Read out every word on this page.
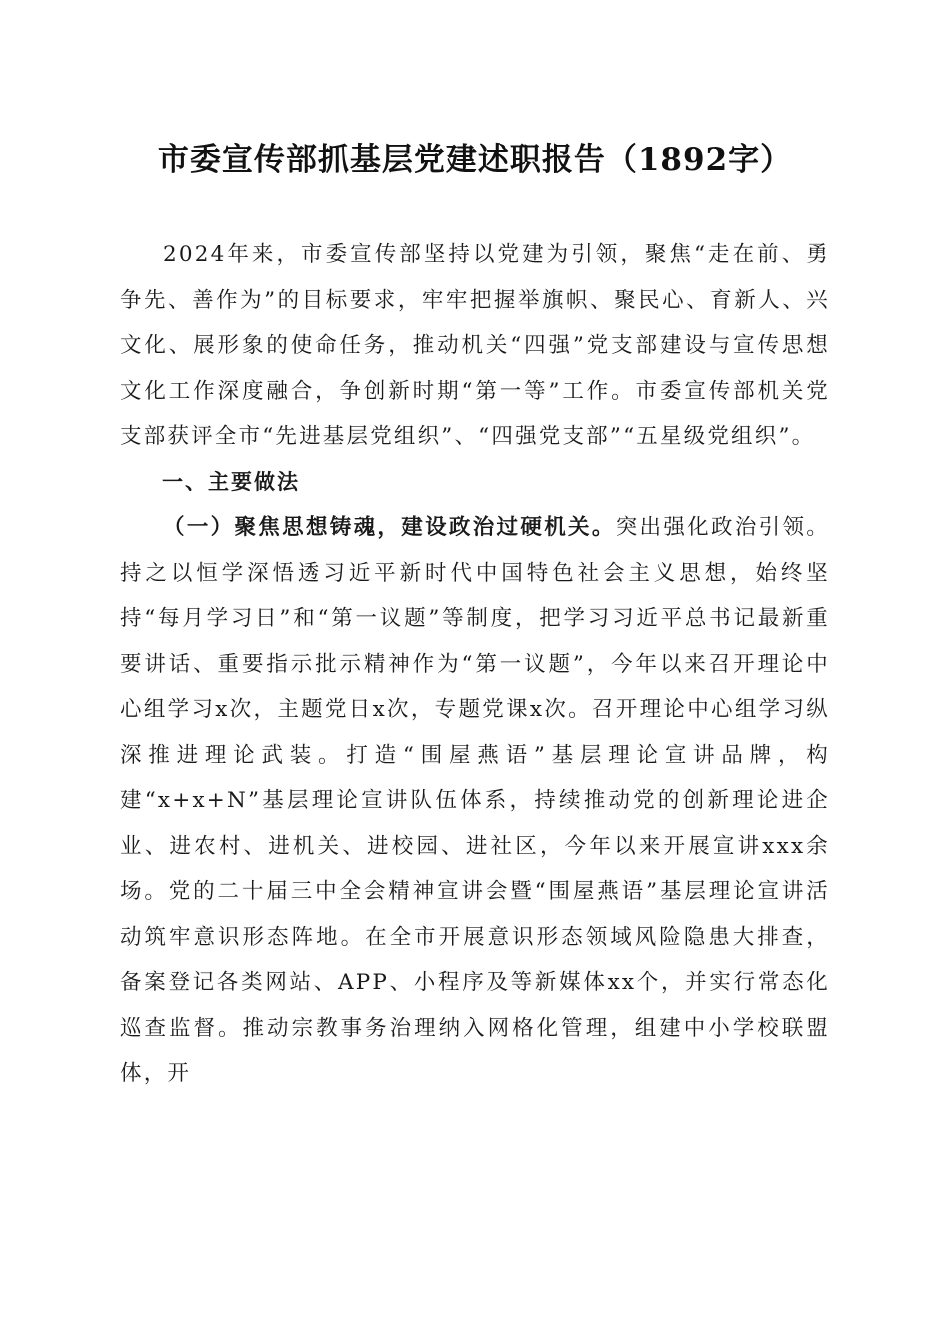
市委宣传部抓基层党建述职报告（1892字）

2024年来，市委宣传部坚持以党建为引领，聚焦“走在前、勇争先、善作为”的目标要求，牢牢把握举旗帜、聚民心、育新人、兴文化、展形象的使命任务，推动机关“四强”党支部建设与宣传思想文化工作深度融合，争创新时期“第一等”工作。市委宣传部机关党支部获评全市“先进基层党组织”、“四强党支部”“五星级党组织”。

一、主要做法

（一）聚焦思想铸魂，建设政治过硬机关。突出强化政治引领。持之以恒学深悟透习近平新时代中国特色社会主义思想，始终坚持“每月学习日”和“第一议题”等制度，把学习习近平总书记最新重要讲话、重要指示批示精神作为“第一议题”，今年以来召开理论中心组学习x次，主题党日x次，专题党课x次。召开理论中心组学习纵深推进理论武装。打造“围屋燕语”基层理论宣讲品牌，构建“x+x+N”基层理论宣讲队伍体系，持续推动党的创新理论进企业、进农村、进机关、进校园、进社区，今年以来开展宣讲xxx余场。党的二十届三中全会精神宣讲会暨“围屋燕语”基层理论宣讲活动筑牢意识形态阵地。在全市开展意识形态领域风险隐患大排查，备案登记各类网站、APP、小程序及等新媒体xx个，并实行常态化巡查监督。推动宗教事务治理纳入网格化管理，组建中小学校联盟体，开
